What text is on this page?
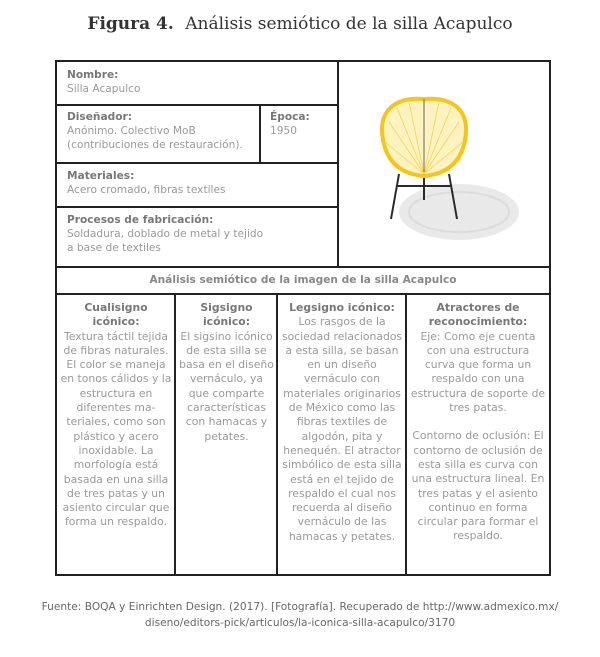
Figura 4. Análisis semiótico de la silla Acapulco
Nombre:
Silla Acapulco
Diseñador:
Anónimo. Colectivo MoB
(contribuciones de restauración).
Época:
1950
Materiales:
Acero cromado, fibras textiles
Procesos de fabricación:
Soldadura, doblado de metal y tejido
a base de textiles
Análisis semiótico de la imagen de la silla Acapulco
Cualisigno icónico:
Textura táctil tejida de fibras naturales. El color se maneja en tonos cálidos y la estructura en diferentes ma- teriales, como son plástico y acero inoxidable. La morfología está basada en una silla de tres patas y un asiento circular que forma un respaldo.
Sigsigno icónico:
El sigsino icónico de esta silla se basa en el diseño vernáculo, ya que comparte características con hamacas y petates.
Legsigno icónico:
Los rasgos de la sociedad relacionados a esta silla, se basan en un diseño vernáculo con materiales originarios de México como las fibras textiles de algodón, pita y henequén. El atractor simbólico de esta silla está en el tejido de respaldo el cual nos recuerda al diseño vernáculo de las hamacas y petates.
Atractores de reconocimiento:
Eje: Como eje cuenta con una estructura curva que forma un respaldo con una estructura de soporte de tres patas.
Contorno de oclusión: El contorno de oclusión de esta silla es curva con una estructura lineal. En tres patas y el asiento continuo en forma circular para formar el respaldo.
Fuente: BOQA y Einrichten Design. (2017). [Fotografía]. Recuperado de http://www.admexico.mx/
diseno/editors-pick/articulos/la-iconica-silla-acapulco/3170
